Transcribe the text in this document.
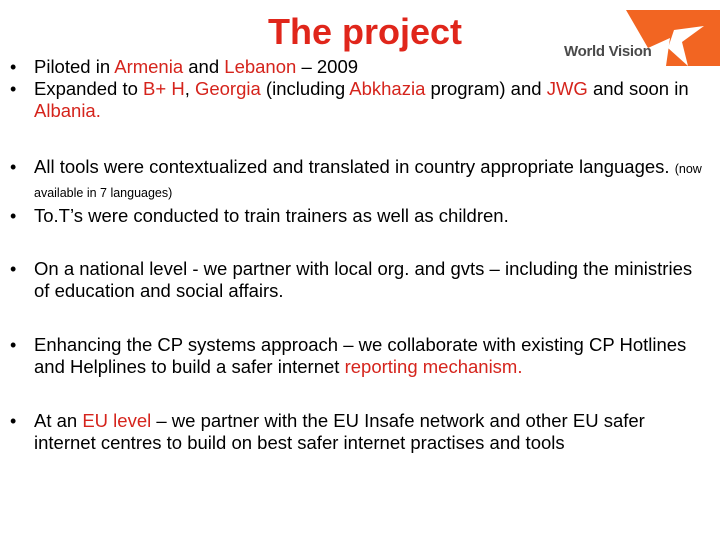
The project	World Vision
• Piloted in Armenia and Lebanon – 2009
• Expanded to B+ H, Georgia (including Abkhazia program) and JWG and soon in Albania.
• All tools were contextualized and translated in country appropriate languages. (now available in 7 languages)
• To.T’s were conducted to train trainers as well as children.
• On a national level - we partner with local org. and gvts – including the ministries of education and social affairs.
• Enhancing the CP systems approach – we collaborate with existing CP Hotlines and Helplines to build a safer internet reporting mechanism.
• At an EU level – we partner with the EU Insafe network and other EU safer internet centres to build on best safer internet practises and tools
